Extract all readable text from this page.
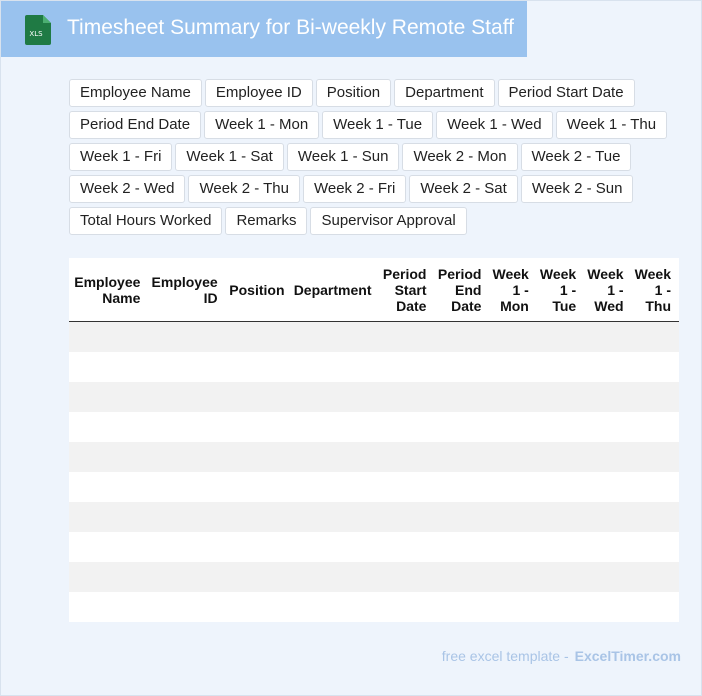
XLS Timesheet Summary for Bi-weekly Remote Staff
Employee Name	Employee ID	Position	Department	Period Start Date
Period End Date	Week 1 - Mon	Week 1 - Tue	Week 1 - Wed	Week 1 - Thu
Week 1 - Fri	Week 1 - Sat	Week 1 - Sun	Week 2 - Mon	Week 2 - Tue
Week 2 - Wed	Week 2 - Thu	Week 2 - Fri	Week 2 - Sat	Week 2 - Sun
Total Hours Worked	Remarks	Supervisor Approval
Employee Name	Employee ID	Position	Department	Period Start Date	Period End Date	Week 1 - Mon	Week 1 - Tue	Week 1 - Wed	Week 1 - Thu

free excel template - ExcelTimer.com
